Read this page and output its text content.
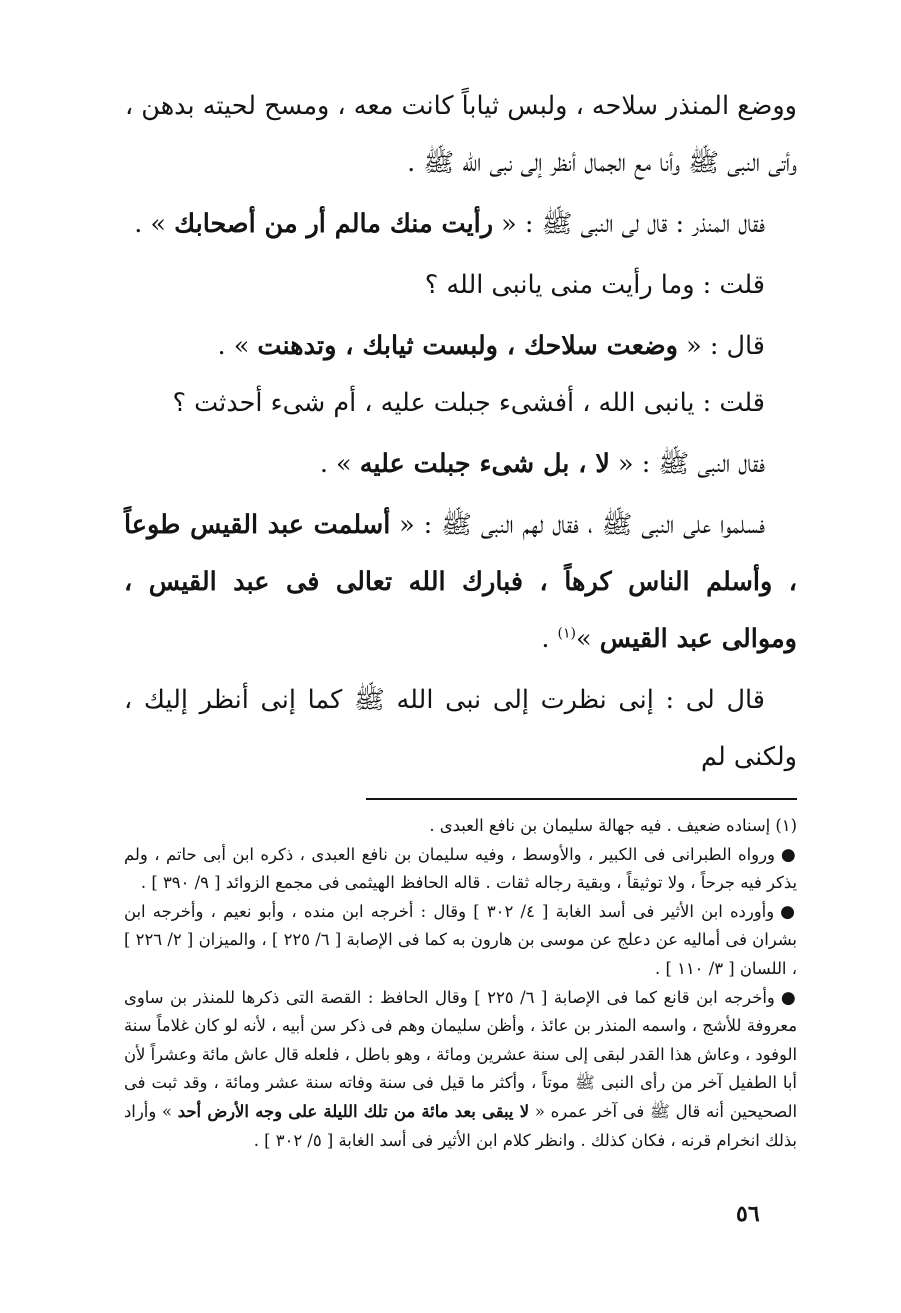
ووضع المنذر سلاحه ، ولبس ثياباً كانت معه ، ومسح لحيته بدهن ،
وأتى النبى ﷺ وأنا مع الجمال أنظر إلى نبى الله ﷺ .

فقال المنذر : قال لى النبى ﷺ : « رأيت منك مالم أر من أصحابك » .

قلت : وما رأيت منى يانبى الله ؟

قال : « وضعت سلاحك ، ولبست ثيابك ، وتدهنت » .

قلت : يانبى الله ، أفشىء جبلت عليه ، أم شىء أحدثت ؟

فقال النبى ﷺ : « لا ، بل شىء جبلت عليه » .

فسلموا على النبى ﷺ ، فقال لهم النبى ﷺ : « أسلمت عبد القيس طوعاً ، وأسلم الناس كرهاً ، فبارك الله تعالى فى عبد القيس ، وموالى عبد القيس »$^{(١)}$ .

قال لى : إنى نظرت إلى نبى الله ﷺ كما إنى أنظر إليك ، ولكنى لم

(١) إسناده ضعيف . فيه جهالة سليمان بن نافع العبدى .

●ورواه الطبرانى فى الكبير ، والأوسط ، وفيه سليمان بن نافع العبدى ، ذكره ابن أبى حاتم ، ولم يذكر فيه جرحاً ، ولا توثيقاً ، وبقية رجاله ثقات . قاله الحافظ الهيثمى فى مجمع الزوائد [ ٩/ ٣٩٠ ] .

●وأورده ابن الأثير فى أسد الغابة [ ٤/ ٣٠٢ ] وقال : أخرجه ابن منده ، وأبو نعيم ، وأخرجه ابن بشران فى أماليه عن دعلج عن موسى بن هارون به كما فى الإصابة [ ٦/ ٢٢٥ ] ، والميزان [ ٢/ ٢٢٦ ] ، اللسان [ ٣/ ١١٠ ] .

●وأخرجه ابن قانع كما فى الإصابة [ ٦/ ٢٢٥ ] وقال الحافظ : القصة التى ذكرها للمنذر بن ساوى معروفة للأشج ، واسمه المنذر بن عائذ ، وأظن سليمان وهم فى ذكر سن أبيه ، لأنه لو كان غلاماً سنة الوفود ، وعاش هذا القدر لبقى إلى سنة عشرين ومائة ، وهو باطل ، فلعله قال عاش مائة وعشراً لأن أبا الطفيل آخر من رأى النبى ﷺ موتاً ، وأكثر ما قيل فى سنة وفاته سنة عشر ومائة ، وقد ثبت فى الصحيحين أنه قال ﷺ فى آخر عمره « لا يبقى بعد مائة من تلك الليلة على وجه الأرض أحد » وأراد بذلك انخرام قرنه ، فكان كذلك . وانظر كلام ابن الأثير فى أسد الغابة [ ٥/ ٣٠٢ ] .

٥٦
